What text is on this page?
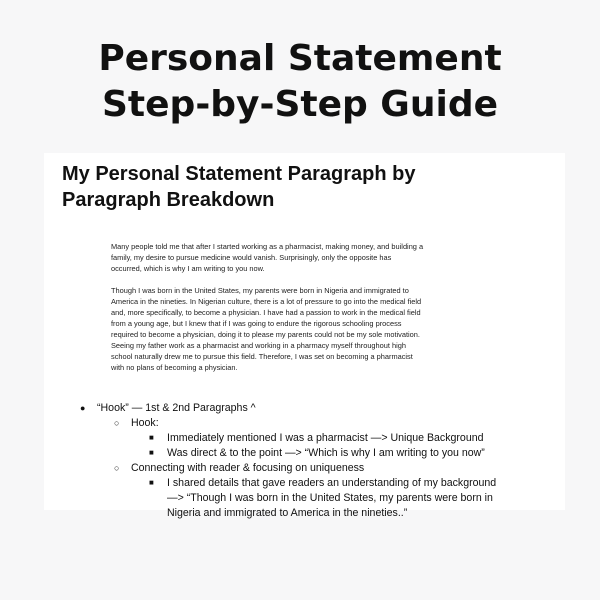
Personal Statement
Step-by-Step Guide
My Personal Statement Paragraph by
Paragraph Breakdown
Many people told me that after I started working as a pharmacist, making money, and building a
family, my desire to pursue medicine would vanish. Surprisingly, only the opposite has
occurred, which is why I am writing to you now.
Though I was born in the United States, my parents were born in Nigeria and immigrated to
America in the nineties. In Nigerian culture, there is a lot of pressure to go into the medical field
and, more specifically, to become a physician. I have had a passion to work in the medical field
from a young age, but I knew that if I was going to endure the rigorous schooling process
required to become a physician, doing it to please my parents could not be my sole motivation.
Seeing my father work as a pharmacist and working in a pharmacy myself throughout high
school naturally drew me to pursue this field. Therefore, I was set on becoming a pharmacist
with no plans of becoming a physician.
● “Hook” — 1st & 2nd Paragraphs ^
○ Hook:
■ Immediately mentioned I was a pharmacist —> Unique Background
■ Was direct & to the point —> “Which is why I am writing to you now”
○ Connecting with reader & focusing on uniqueness
■ I shared details that gave readers an understanding of my background
—> “Though I was born in the United States, my parents were born in
Nigeria and immigrated to America in the nineties..”
